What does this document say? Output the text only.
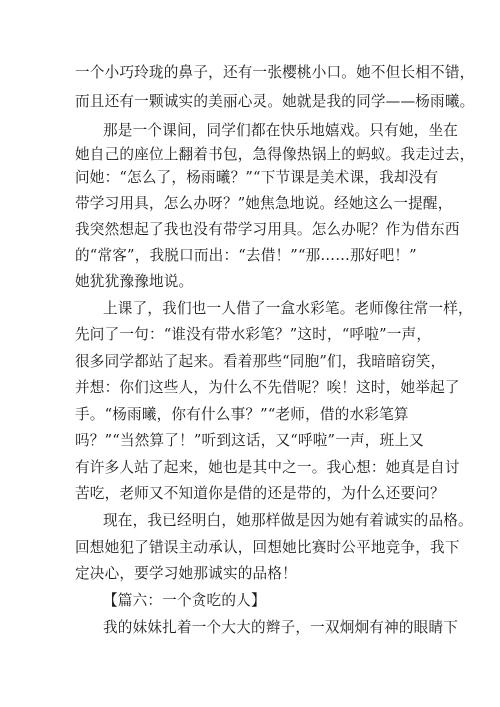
一个小巧玲珑的鼻子，还有一张樱桃小口。她不但长相不错，
而且还有一颗诚实的美丽心灵。她就是我的同学——杨雨曦。
那是一个课间，同学们都在快乐地嬉戏。只有她，坐在
她自己的座位上翻着书包，急得像热锅上的蚂蚁。我走过去，
问她：“怎么了，杨雨曦？”“下节课是美术课，我却没有
带学习用具，怎么办呀？”她焦急地说。经她这么一提醒，
我突然想起了我也没有带学习用具。怎么办呢？作为借东西
的“常客”，我脱口而出：“去借！”“那……那好吧！”
她犹犹豫豫地说。
上课了，我们也一人借了一盒水彩笔。老师像往常一样，
先问了一句：“谁没有带水彩笔？”这时，“呼啦”一声，
很多同学都站了起来。看着那些“同胞”们，我暗暗窃笑，
并想：你们这些人，为什么不先借呢？唉！这时，她举起了
手。“杨雨曦，你有什么事？”“老师，借的水彩笔算
吗？”“当然算了！”听到这话，又“呼啦”一声，班上又
有许多人站了起来，她也是其中之一。我心想：她真是自讨
苦吃，老师又不知道你是借的还是带的，为什么还要问？
现在，我已经明白，她那样做是因为她有着诚实的品格。
回想她犯了错误主动承认，回想她比赛时公平地竞争，我下
定决心，要学习她那诚实的品格！
【篇六：一个贪吃的人】
我的妹妹扎着一个大大的辫子，一双炯炯有神的眼睛下
